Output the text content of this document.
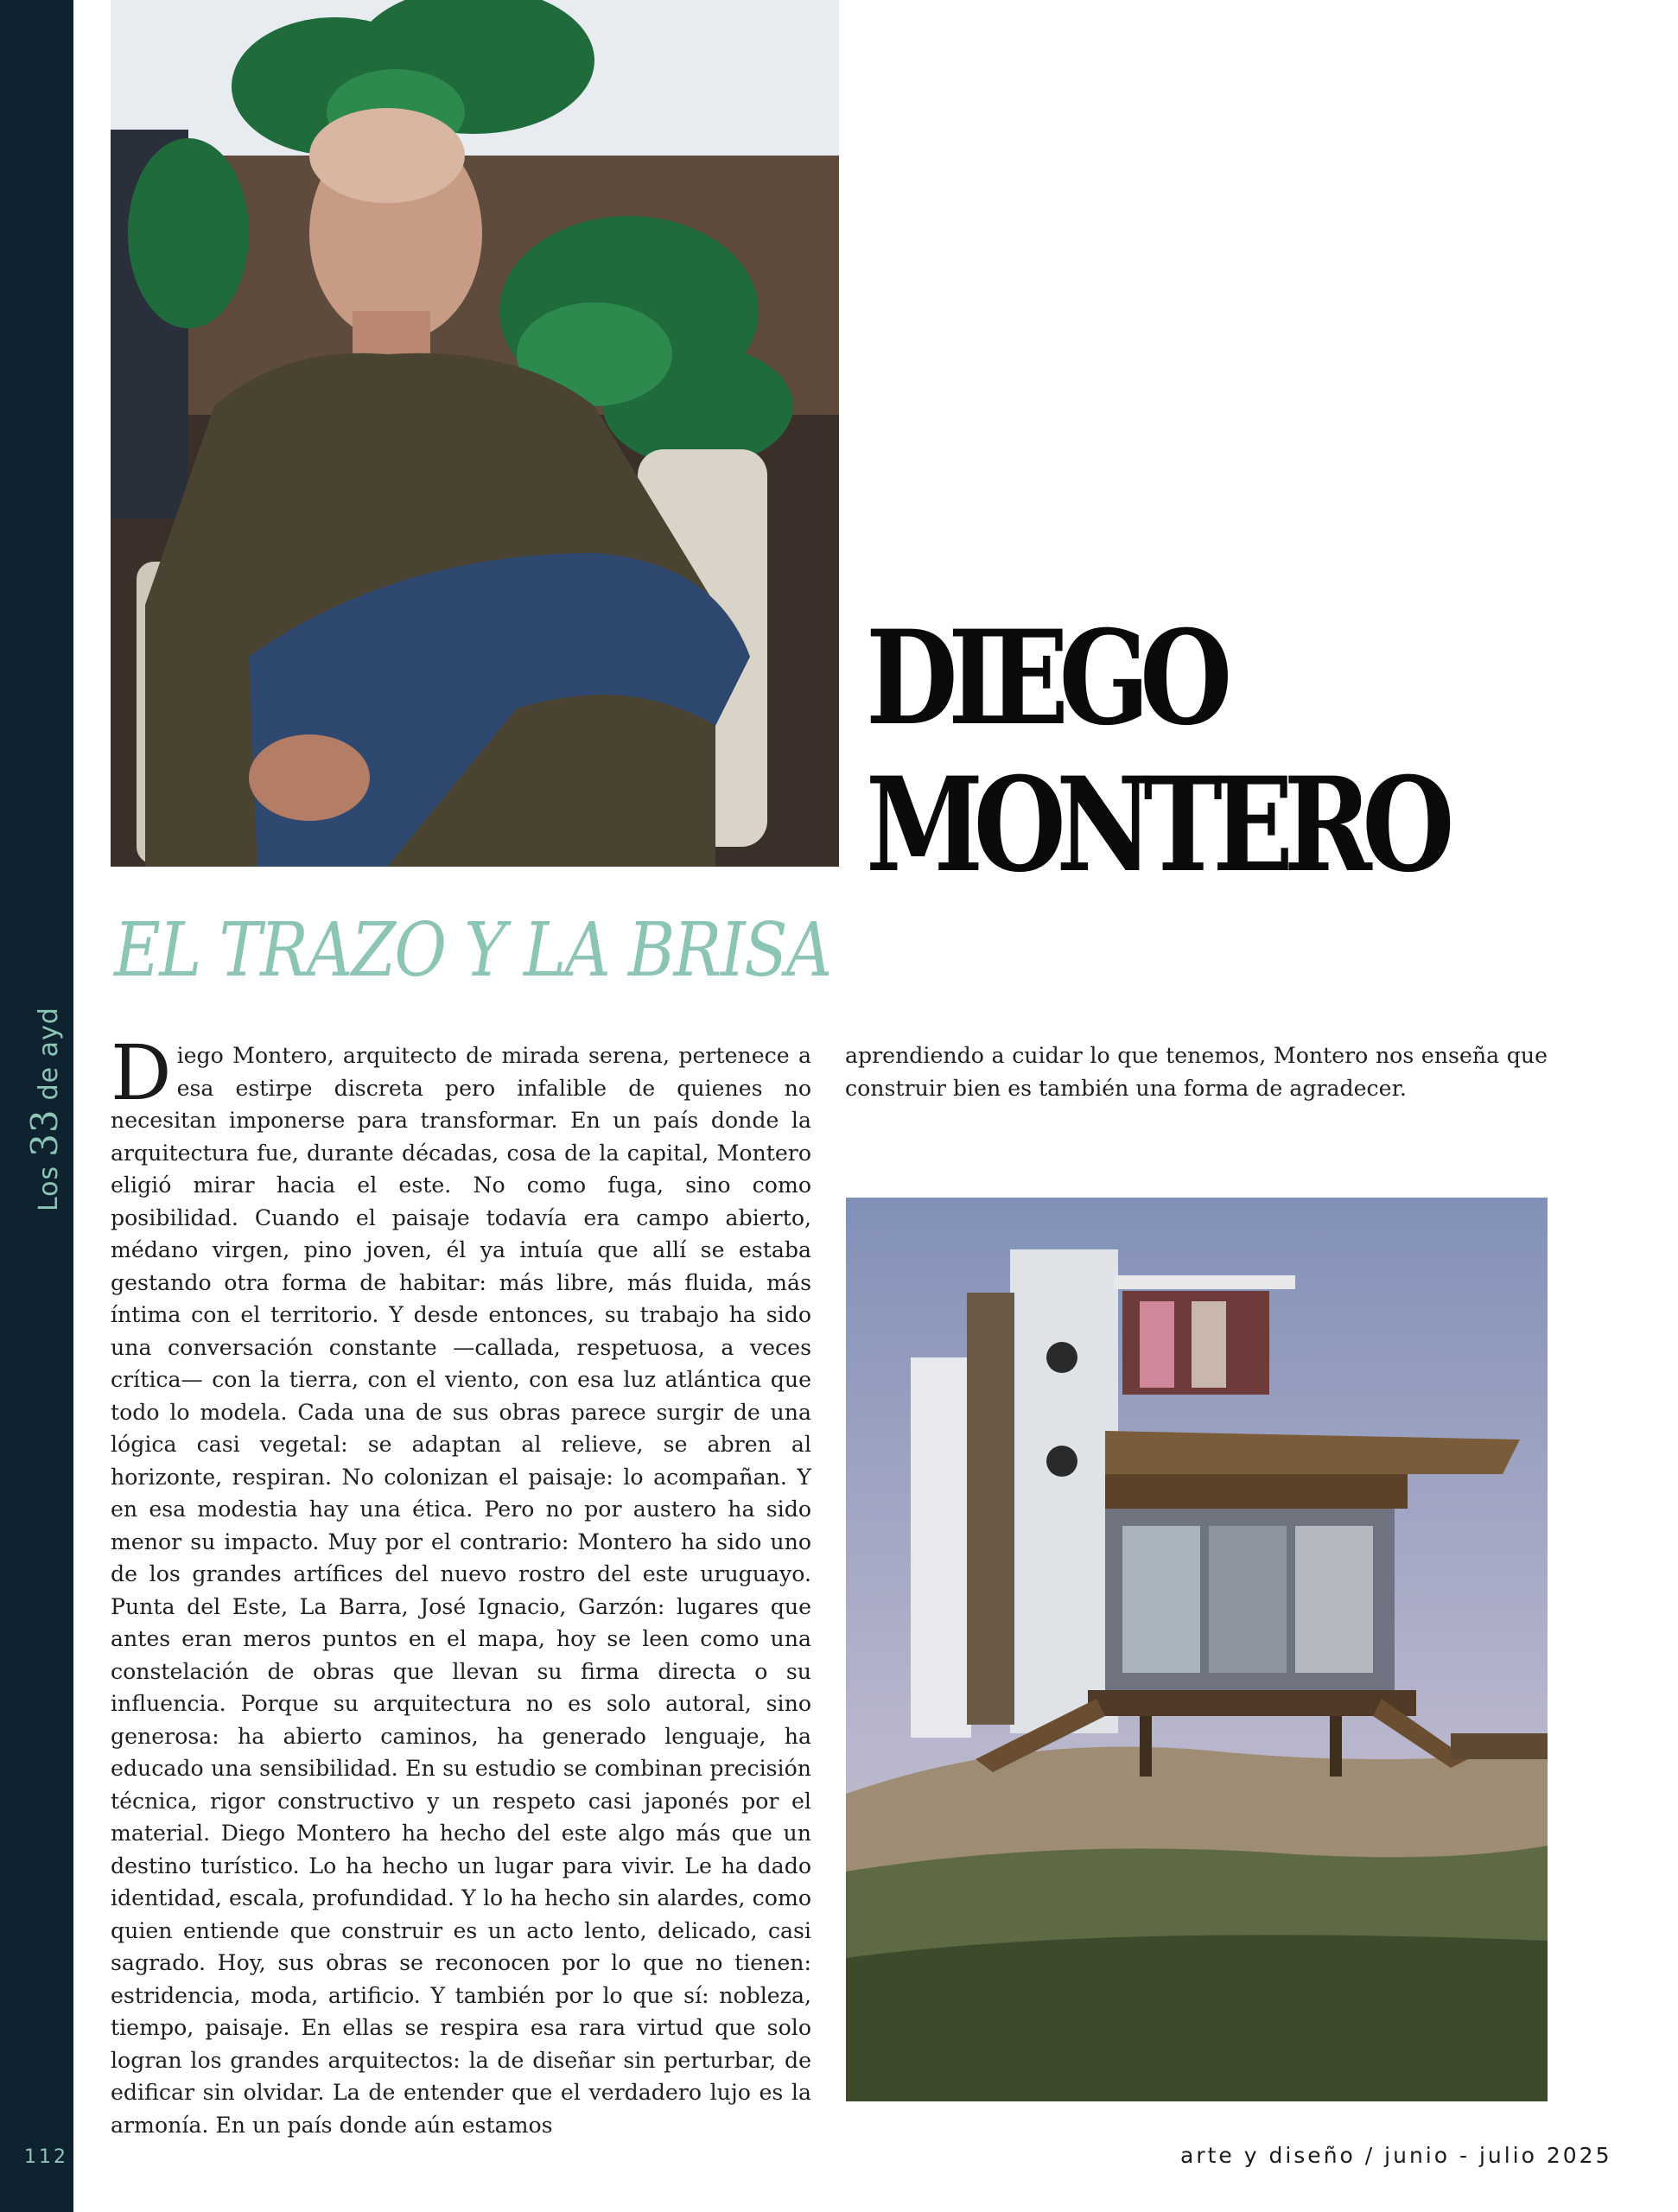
Los
33
de ayd
112
DIEGO
MONTERO
EL TRAZO Y LA BRISA
Diego Montero, arquitecto de mirada serena, pertenece a esa estirpe discreta pero infalible de quienes no necesitan imponerse para transformar. En un país donde la arquitectura fue, durante décadas, cosa de la capital, Montero eligió mirar hacia el este. No como fuga, sino como posibilidad. Cuando el paisaje todavía era campo abierto, médano virgen, pino joven, él ya intuía que allí se estaba gestando otra forma de habitar: más libre, más fluida, más íntima con el territorio. Y desde entonces, su trabajo ha sido una conversación constante —callada, respetuosa, a veces crítica— con la tierra, con el viento, con esa luz atlántica que todo lo modela. Cada una de sus obras parece surgir de una lógica casi vegetal: se adaptan al relieve, se abren al horizonte, respiran. No colonizan el paisaje: lo acompañan. Y en esa modestia hay una ética. Pero no por austero ha sido menor su impacto. Muy por el contrario: Montero ha sido uno de los grandes artífices del nuevo rostro del este uruguayo. Punta del Este, La Barra, José Ignacio, Garzón: lugares que antes eran meros puntos en el mapa, hoy se leen como una constelación de obras que llevan su firma directa o su influencia. Porque su arquitectura no es solo autoral, sino generosa: ha abierto caminos, ha generado lenguaje, ha educado una sensibilidad. En su estudio se combinan precisión técnica, rigor constructivo y un respeto casi japonés por el material. Diego Montero ha hecho del este algo más que un destino turístico. Lo ha hecho un lugar para vivir. Le ha dado identidad, escala, profundidad. Y lo ha hecho sin alardes, como quien entiende que construir es un acto lento, delicado, casi sagrado. Hoy, sus obras se reconocen por lo que no tienen: estridencia, moda, artificio. Y también por lo que sí: nobleza, tiempo, paisaje. En ellas se respira esa rara virtud que solo logran los grandes arquitectos: la de diseñar sin perturbar, de edificar sin olvidar. La de entender que el verdadero lujo es la armonía. En un país donde aún estamos
aprendiendo a cuidar lo que tenemos, Montero nos enseña que construir bien es también una forma de agradecer.
arte y diseño / junio - julio 2025
